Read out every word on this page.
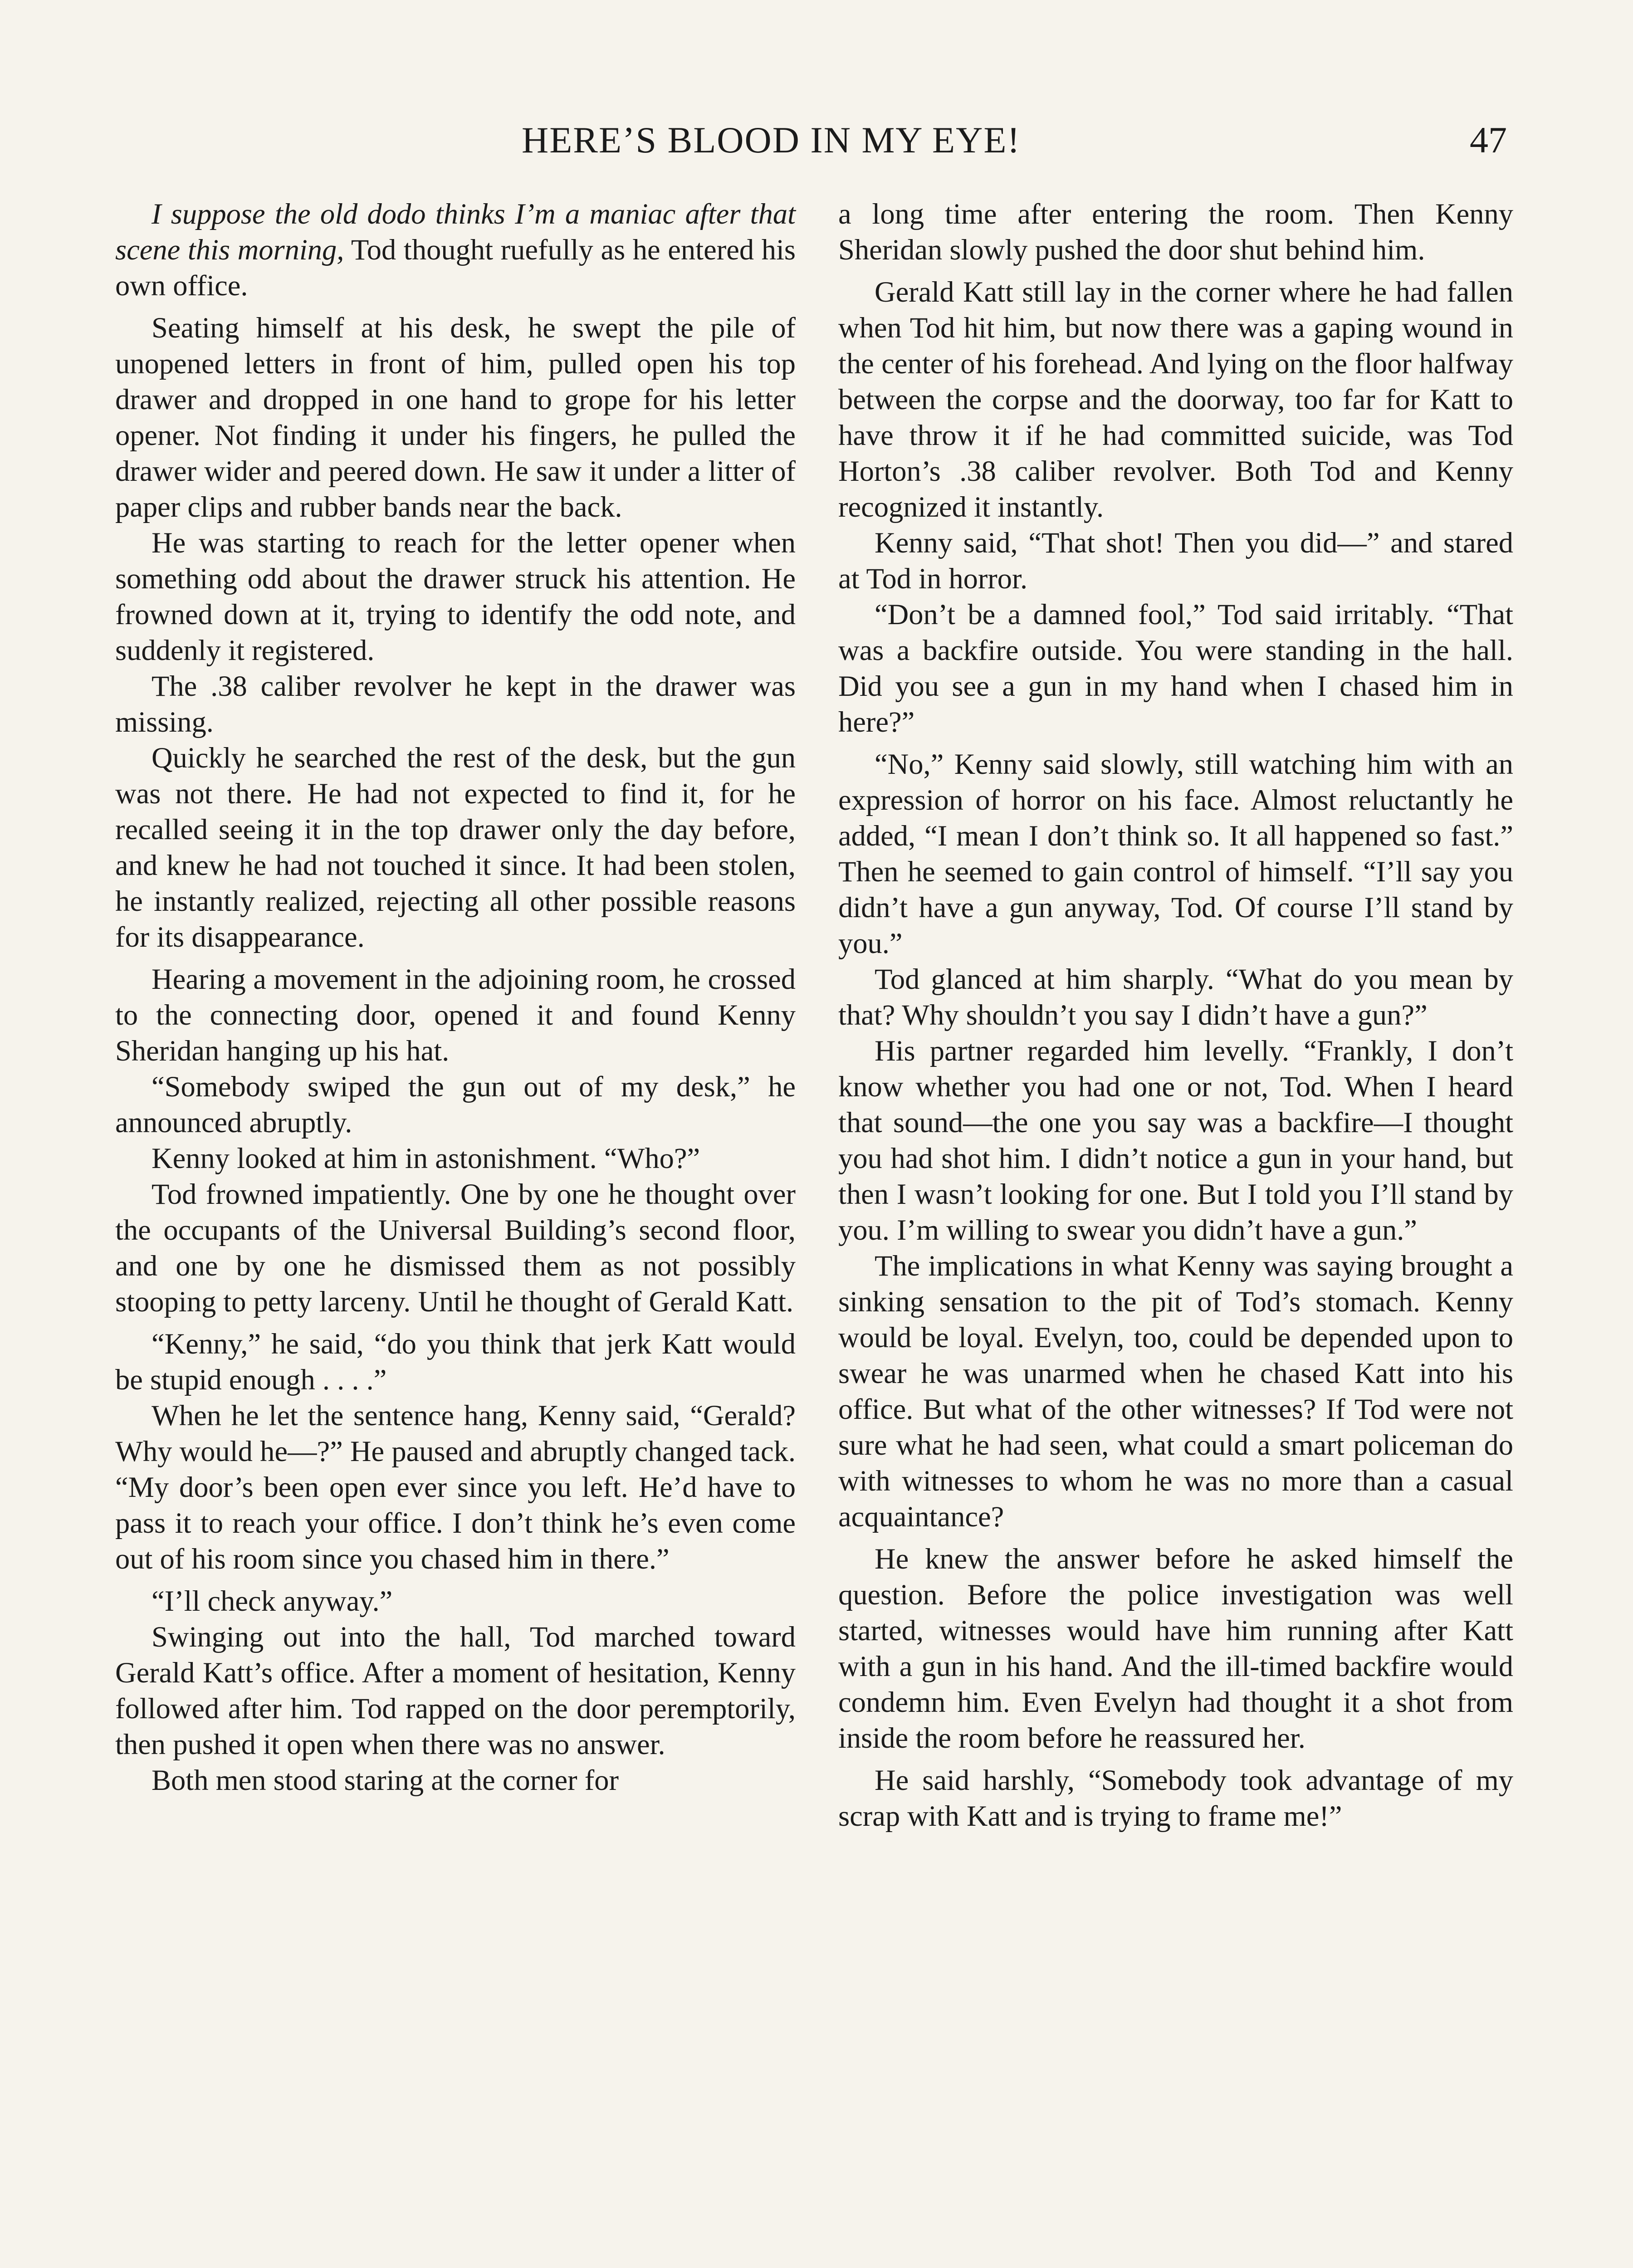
HERE’S BLOOD IN MY EYE!	47

I suppose the old dodo thinks I’m a maniac after that scene this morning, Tod thought ruefully as he entered his own office.

Seating himself at his desk, he swept the pile of unopened letters in front of him, pulled open his top drawer and dropped in one hand to grope for his letter opener. Not finding it under his fingers, he pulled the drawer wider and peered down. He saw it under a litter of paper clips and rubber bands near the back.

He was starting to reach for the letter opener when something odd about the drawer struck his attention. He frowned down at it, trying to identify the odd note, and suddenly it registered.

The .38 caliber revolver he kept in the drawer was missing.

Quickly he searched the rest of the desk, but the gun was not there. He had not expected to find it, for he recalled seeing it in the top drawer only the day before, and knew he had not touched it since. It had been stolen, he instantly realized, rejecting all other possible reasons for its disappearance.

Hearing a movement in the adjoining room, he crossed to the connecting door, opened it and found Kenny Sheridan hanging up his hat.

“Somebody swiped the gun out of my desk,” he announced abruptly.

Kenny looked at him in astonishment. “Who?”

Tod frowned impatiently. One by one he thought over the occupants of the Universal Building’s second floor, and one by one he dismissed them as not possibly stooping to petty larceny. Until he thought of Gerald Katt.

“Kenny,” he said, “do you think that jerk Katt would be stupid enough . . . .”

When he let the sentence hang, Kenny said, “Gerald? Why would he—?” He paused and abruptly changed tack. “My door’s been open ever since you left. He’d have to pass it to reach your office. I don’t think he’s even come out of his room since you chased him in there.”

“I’ll check anyway.”

Swinging out into the hall, Tod marched toward Gerald Katt’s office. After a moment of hesitation, Kenny followed after him. Tod rapped on the door peremptorily, then pushed it open when there was no answer.

Both men stood staring at the corner for

a long time after entering the room. Then Kenny Sheridan slowly pushed the door shut behind him.

Gerald Katt still lay in the corner where he had fallen when Tod hit him, but now there was a gaping wound in the center of his forehead. And lying on the floor halfway between the corpse and the doorway, too far for Katt to have throw it if he had committed suicide, was Tod Horton’s .38 caliber revolver. Both Tod and Kenny recognized it instantly.

Kenny said, “That shot! Then you did—” and stared at Tod in horror.

“Don’t be a damned fool,” Tod said irritably. “That was a backfire outside. You were standing in the hall. Did you see a gun in my hand when I chased him in here?”

“No,” Kenny said slowly, still watching him with an expression of horror on his face. Almost reluctantly he added, “I mean I don’t think so. It all happened so fast.” Then he seemed to gain control of himself. “I’ll say you didn’t have a gun anyway, Tod. Of course I’ll stand by you.”

Tod glanced at him sharply. “What do you mean by that? Why shouldn’t you say I didn’t have a gun?”

His partner regarded him levelly. “Frankly, I don’t know whether you had one or not, Tod. When I heard that sound—the one you say was a backfire—I thought you had shot him. I didn’t notice a gun in your hand, but then I wasn’t looking for one. But I told you I’ll stand by you. I’m willing to swear you didn’t have a gun.”

The implications in what Kenny was saying brought a sinking sensation to the pit of Tod’s stomach. Kenny would be loyal. Evelyn, too, could be depended upon to swear he was unarmed when he chased Katt into his office. But what of the other witnesses? If Tod were not sure what he had seen, what could a smart policeman do with witnesses to whom he was no more than a casual acquaintance?

He knew the answer before he asked himself the question. Before the police investigation was well started, witnesses would have him running after Katt with a gun in his hand. And the ill-timed backfire would condemn him. Even Evelyn had thought it a shot from inside the room before he reassured her.

He said harshly, “Somebody took advantage of my scrap with Katt and is trying to frame me!”
